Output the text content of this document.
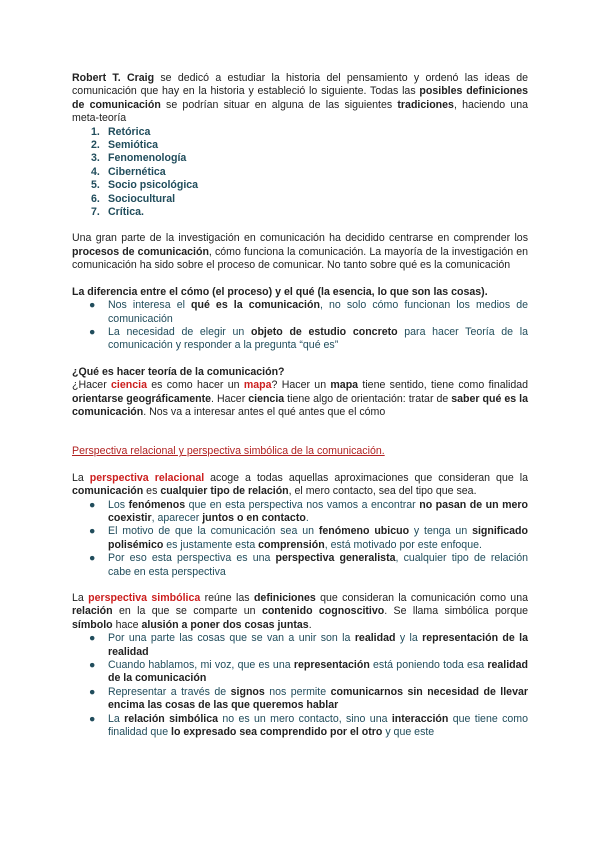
Robert T. Craig se dedicó a estudiar la historia del pensamiento y ordenó las ideas de comunicación que hay en la historia y estableció lo siguiente. Todas las posibles definiciones de comunicación se podrían situar en alguna de las siguientes tradiciones, haciendo una meta-teoría

1. Retórica
2. Semiótica
3. Fenomenología
4. Cibernética
5. Socio psicológica
6. Sociocultural
7. Crítica.

Una gran parte de la investigación en comunicación ha decidido centrarse en comprender los procesos de comunicación, cómo funciona la comunicación. La mayoría de la investigación en comunicación ha sido sobre el proceso de comunicar. No tanto sobre qué es la comunicación

La diferencia entre el cómo (el proceso) y el qué (la esencia, lo que son las cosas).

● Nos interesa el qué es la comunicación, no solo cómo funcionan los medios de comunicación
● La necesidad de elegir un objeto de estudio concreto para hacer Teoría de la comunicación y responder a la pregunta “qué es”

¿Qué es hacer teoría de la comunicación?

¿Hacer ciencia es como hacer un mapa? Hacer un mapa tiene sentido, tiene como finalidad orientarse geográficamente. Hacer ciencia tiene algo de orientación: tratar de saber qué es la comunicación. Nos va a interesar antes el qué antes que el cómo

Perspectiva relacional y perspectiva simbólica de la comunicación.

La perspectiva relacional acoge a todas aquellas aproximaciones que consideran que la comunicación es cualquier tipo de relación, el mero contacto, sea del tipo que sea.

● Los fenómenos que en esta perspectiva nos vamos a encontrar no pasan de un mero coexistir, aparecer juntos o en contacto.
● El motivo de que la comunicación sea un fenómeno ubicuo y tenga un significado polisémico es justamente esta comprensión, está motivado por este enfoque.
● Por eso esta perspectiva es una perspectiva generalista, cualquier tipo de relación cabe en esta perspectiva

La perspectiva simbólica reúne las definiciones que consideran la comunicación como una relación en la que se comparte un contenido cognoscitivo. Se llama simbólica porque símbolo hace alusión a poner dos cosas juntas.

● Por una parte las cosas que se van a unir son la realidad y la representación de la realidad
● Cuando hablamos, mi voz, que es una representación está poniendo toda esa realidad de la comunicación
● Representar a través de signos nos permite comunicarnos sin necesidad de llevar encima las cosas de las que queremos hablar
● La relación simbólica no es un mero contacto, sino una interacción que tiene como finalidad que lo expresado sea comprendido por el otro y que este
